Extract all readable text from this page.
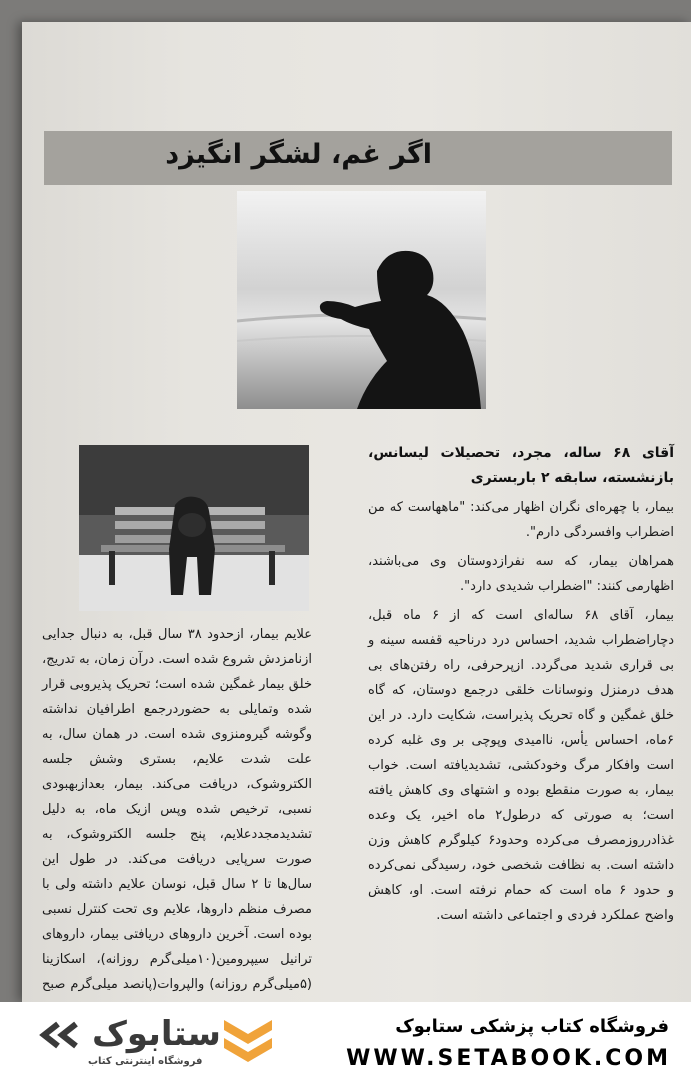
اگر غم، لشگر انگیزد
آقای ۶۸ ساله، مجرد، تحصیلات لیسانس، بازنشسته، سابقه ۲ باربستری

بیمار، با چهره‌ای نگران اظهار می‌کند: "ماههاست که من اضطراب وافسردگی دارم".

همراهان بیمار، که سه نفرازدوستان وی می‌باشند، اظهارمی کنند: "اضطراب شدیدی دارد".

بیمار، آقای ۶۸ ساله‌ای است که از ۶ ماه قبل، دچاراضطراب شدید، احساس درد درناحیه قفسه سینه و بی قراری شدید می‌گردد. ازپرحرفی، راه رفتن‌های بی هدف درمنزل ونوسانات خلقی درجمع دوستان، که گاه خلق غمگین و گاه تحریک پذیراست، شکایت دارد. در این ۶ماه، احساس یأس، ناامیدی وپوچی بر وی غلبه کرده است وافکار مرگ وخودکشی، تشدیدیافته است. خواب بیمار، به صورت منقطع بوده و اشتهای وی کاهش یافته است؛ به صورتی که درطول۲ ماه اخیر، یک وعده غذادرروزمصرف می‌کرده وحدود۶ کیلوگرم کاهش وزن داشته است. به نظافت شخصی خود، رسیدگی نمی‌کرده و حدود ۶ ماه است که حمام نرفته است. او، کاهش واضح عملکرد فردی و اجتماعی داشته است.

علایم بیمار، ازحدود ۳۸ سال قبل، به دنبال جدایی ازنامزدش شروع شده است. درآن زمان، به تدریج، خلق بیمار غمگین شده است؛ تحریک پذیروبی قرار شده وتمایلی به حضوردرجمع اطرافیان نداشته وگوشه گیرومنزوی شده است. در همان سال، به علت شدت علایم، بستری وشش جلسه الکتروشوک، دریافت می‌کند. بیمار، بعدازبهبودی نسبی، ترخیص شده وپس ازیک ماه، به دلیل تشدیدمجددعلایم، پنج جلسه الکتروشوک، به صورت سرپایی دریافت می‌کند. در طول این سال‌ها تا ۲ سال قبل، نوسان علایم داشته ولی با مصرف منظم داروها، علایم وی تحت کنترل نسبی بوده است. آخرین داروهای دریافتی بیمار، داروهای ترانیل سیپرومین(۱۰میلی‌گرم روزانه)، اسکازینا (۵میلی‌گرم روزانه) والپروات(پانصد میلی‌گرم صبح

ستابوک
فروشگاه اینترنتی کتاب
فروشگاه کتاب پزشکی ستابوک
WWW.SETABOOK.COM
